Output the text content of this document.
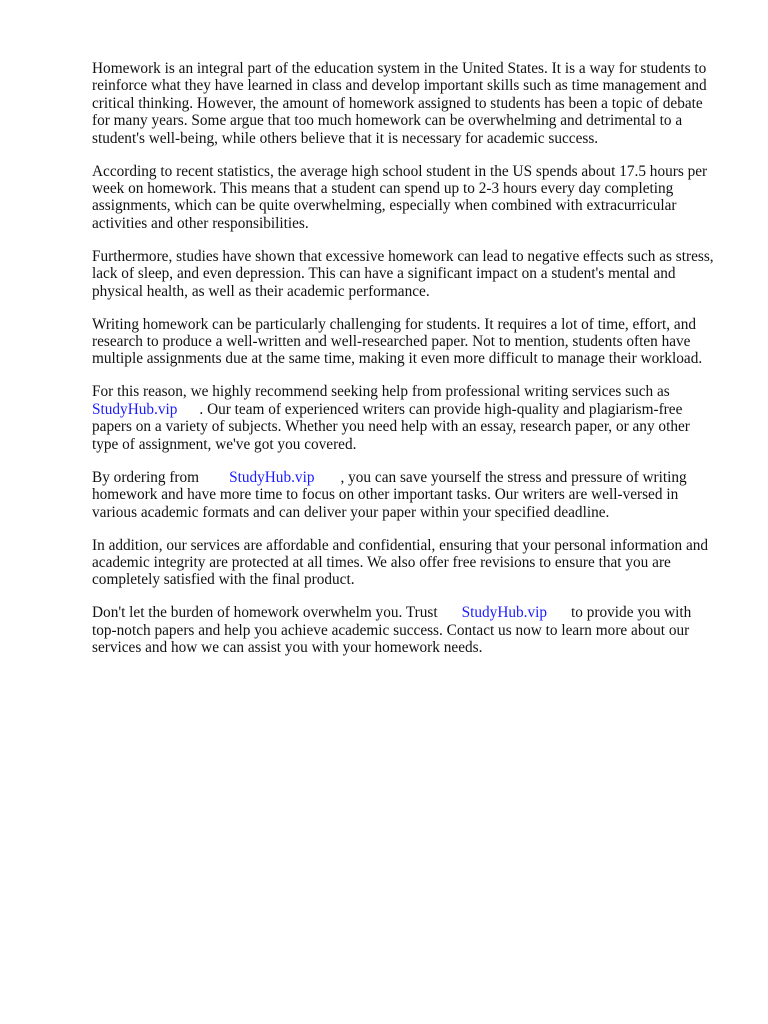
Homework is an integral part of the education system in the United States. It is a way for students to reinforce what they have learned in class and develop important skills such as time management and critical thinking. However, the amount of homework assigned to students has been a topic of debate for many years. Some argue that too much homework can be overwhelming and detrimental to a student's well-being, while others believe that it is necessary for academic success.

According to recent statistics, the average high school student in the US spends about 17.5 hours per week on homework. This means that a student can spend up to 2-3 hours every day completing assignments, which can be quite overwhelming, especially when combined with extracurricular activities and other responsibilities.

Furthermore, studies have shown that excessive homework can lead to negative effects such as stress, lack of sleep, and even depression. This can have a significant impact on a student's mental and physical health, as well as their academic performance.

Writing homework can be particularly challenging for students. It requires a lot of time, effort, and research to produce a well-written and well-researched paper. Not to mention, students often have multiple assignments due at the same time, making it even more difficult to manage their workload.

For this reason, we highly recommend seeking help from professional writing services such as
StudyHub.vip . Our team of experienced writers can provide high-quality and plagiarism-free papers on a variety of subjects. Whether you need help with an essay, research paper, or any other type of assignment, we've got you covered.

By ordering from StudyHub.vip , you can save yourself the stress and pressure of writing homework and have more time to focus on other important tasks. Our writers are well-versed in various academic formats and can deliver your paper within your specified deadline.

In addition, our services are affordable and confidential, ensuring that your personal information and academic integrity are protected at all times. We also offer free revisions to ensure that you are completely satisfied with the final product.

Don't let the burden of homework overwhelm you. Trust StudyHub.vip to provide you with top-notch papers and help you achieve academic success. Contact us now to learn more about our services and how we can assist you with your homework needs.
